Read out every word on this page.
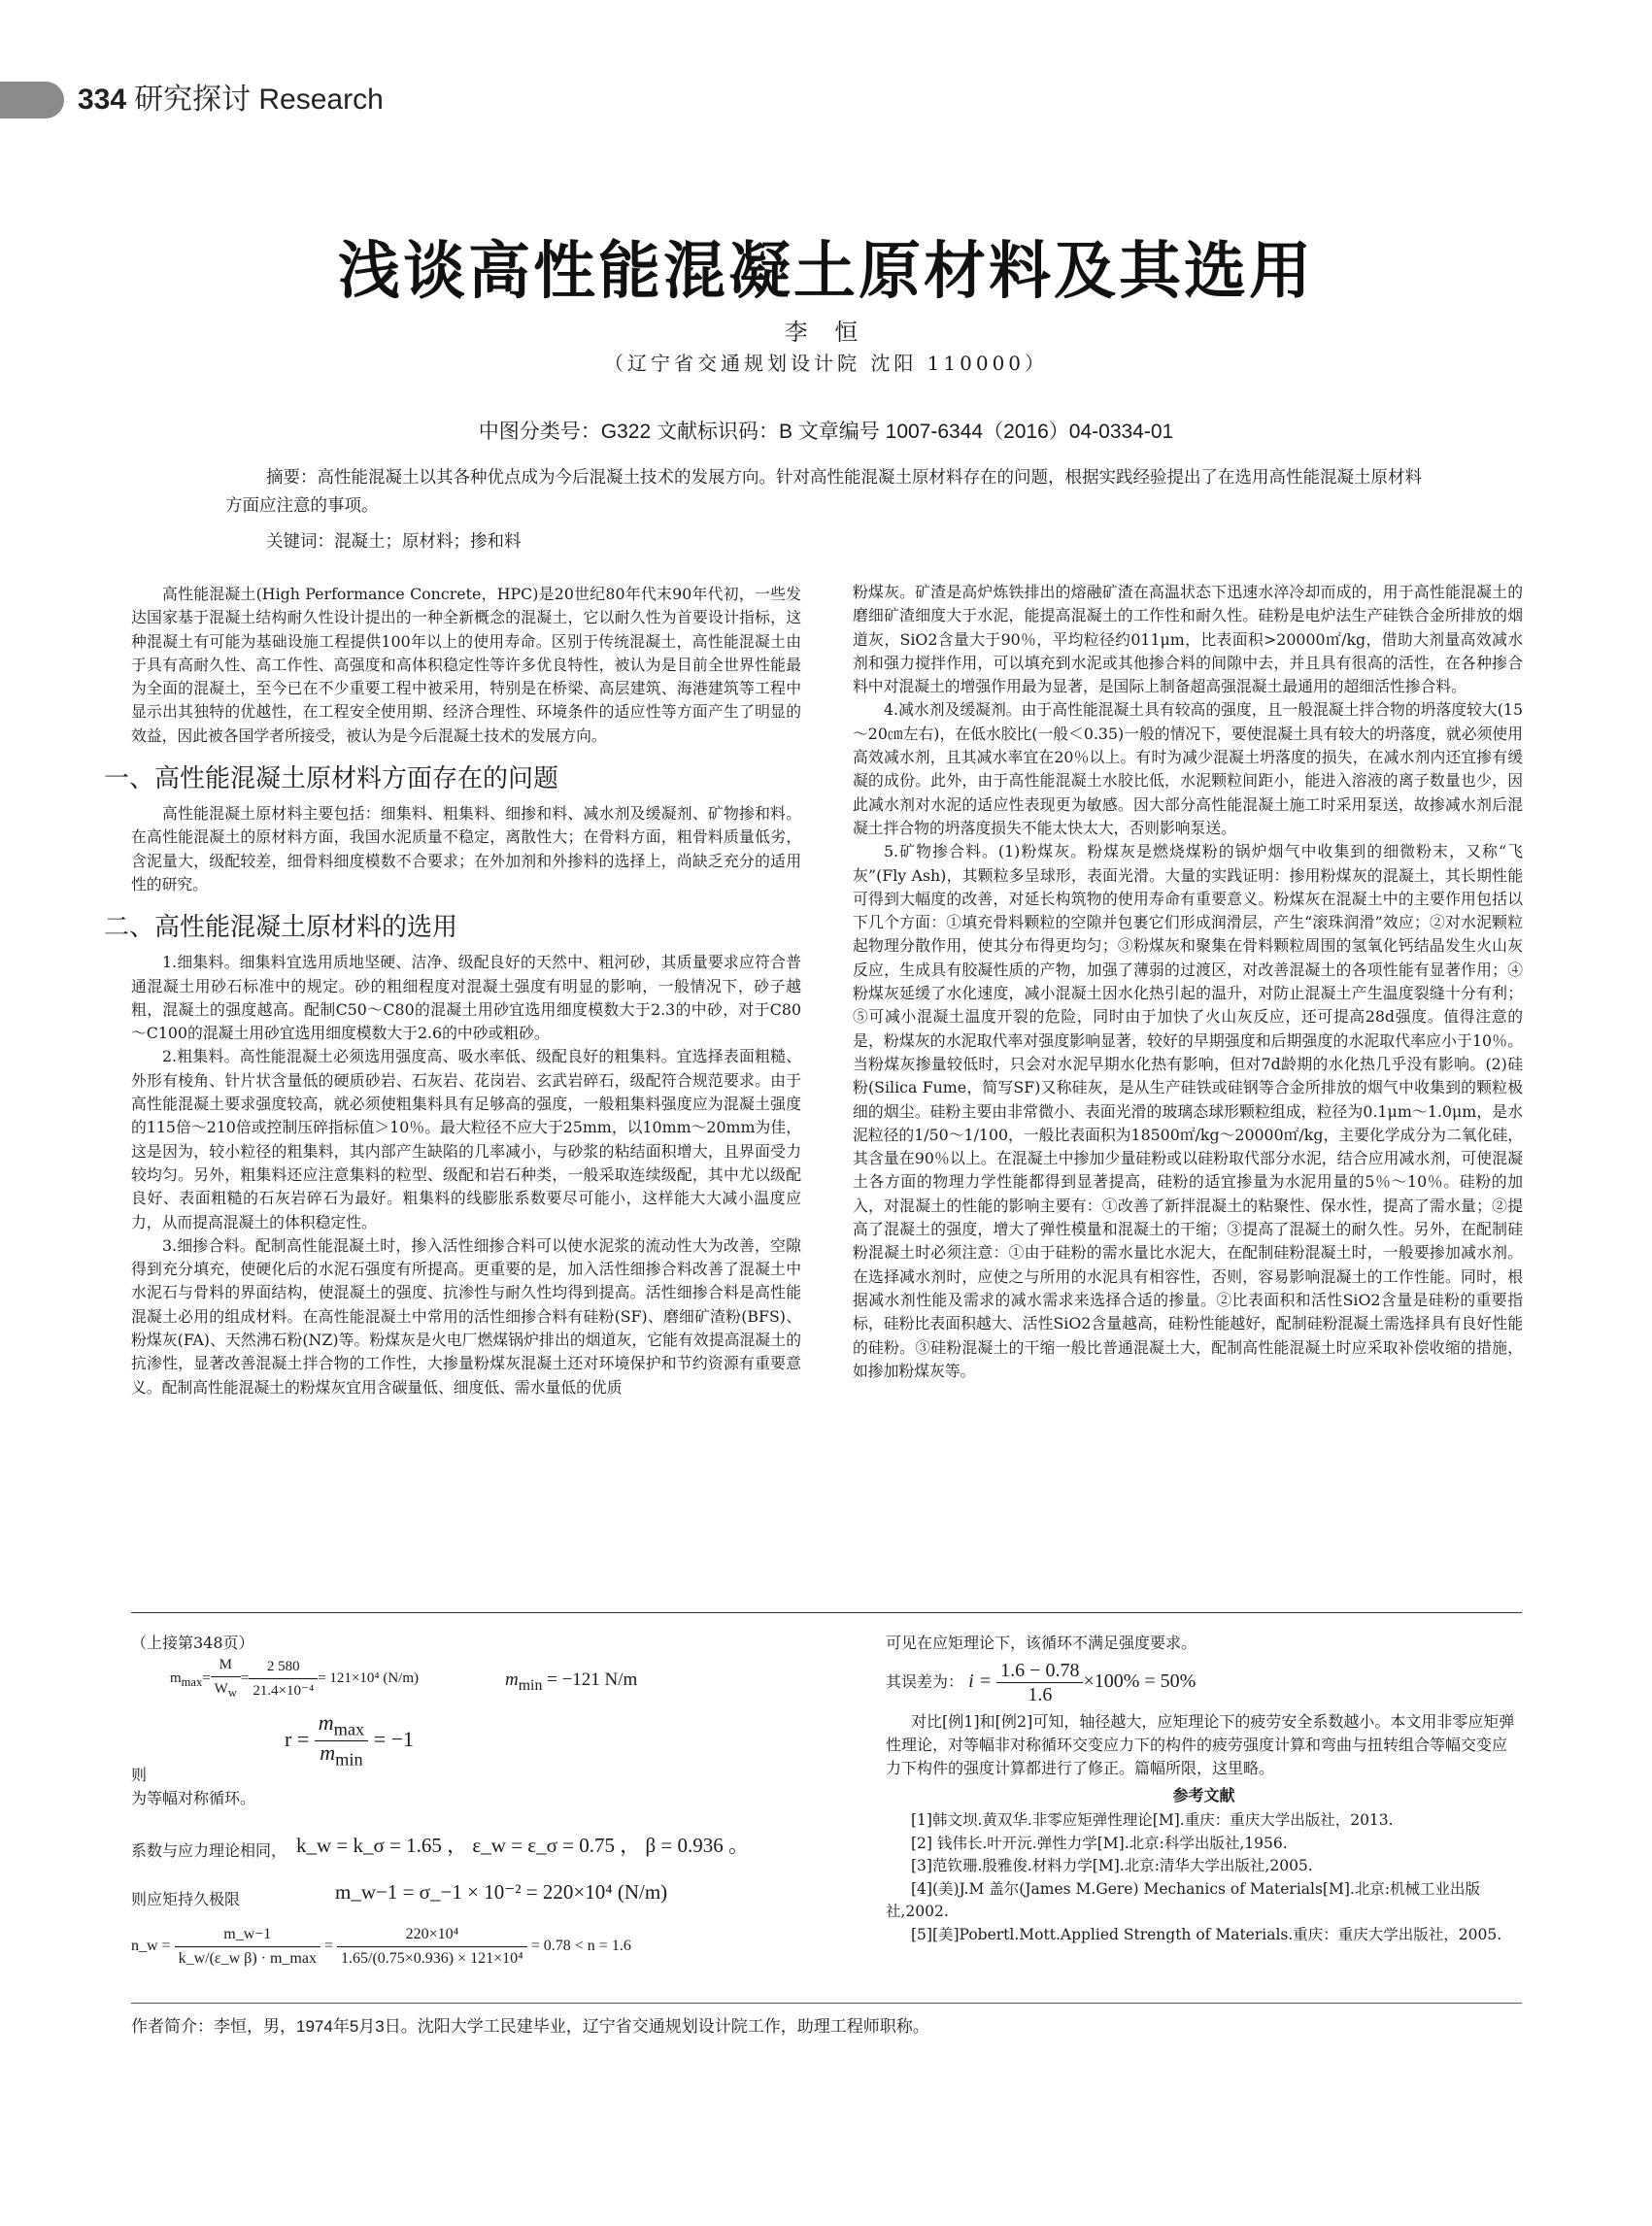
334 研究探讨 Research
浅谈高性能混凝土原材料及其选用
李 恒
（辽宁省交通规划设计院 沈阳 110000）
中图分类号：G322 文献标识码：B 文章编号 1007-6344（2016）04-0334-01
摘要：高性能混凝土以其各种优点成为今后混凝土技术的发展方向。针对高性能混凝土原材料存在的问题，根据实践经验提出了在选用高性能混凝土原材料方面应注意的事项。
关键词：混凝土；原材料；掺和料

高性能混凝土(High Performance Concrete，HPC)是20世纪80年代末90年代初，一些发达国家基于混凝土结构耐久性设计提出的一种全新概念的混凝土，它以耐久性为首要设计指标，这种混凝土有可能为基础设施工程提供100年以上的使用寿命。区别于传统混凝土，高性能混凝土由于具有高耐久性、高工作性、高强度和高体积稳定性等许多优良特性，被认为是目前全世界性能最为全面的混凝土，至今已在不少重要工程中被采用，特别是在桥梁、高层建筑、海港建筑等工程中显示出其独特的优越性，在工程安全使用期、经济合理性、环境条件的适应性等方面产生了明显的效益，因此被各国学者所接受，被认为是今后混凝土技术的发展方向。

一、高性能混凝土原材料方面存在的问题

高性能混凝土原材料主要包括：细集料、粗集料、细掺和料、减水剂及缓凝剂、矿物掺和料。在高性能混凝土的原材料方面，我国水泥质量不稳定，离散性大；在骨料方面，粗骨料质量低劣，含泥量大，级配较差，细骨料细度模数不合要求；在外加剂和外掺料的选择上，尚缺乏充分的适用性的研究。

二、高性能混凝土原材料的选用

1.细集料。细集料宜选用质地坚硬、洁净、级配良好的天然中、粗河砂，其质量要求应符合普通混凝土用砂石标准中的规定。砂的粗细程度对混凝土强度有明显的影响，一般情况下，砂子越粗，混凝土的强度越高。配制C50～C80的混凝土用砂宜选用细度模数大于2.3的中砂，对于C80～C100的混凝土用砂宜选用细度模数大于2.6的中砂或粗砂。

2.粗集料。高性能混凝土必须选用强度高、吸水率低、级配良好的粗集料。宜选择表面粗糙、外形有棱角、针片状含量低的硬质砂岩、石灰岩、花岗岩、玄武岩碎石，级配符合规范要求。由于高性能混凝土要求强度较高，就必须使粗集料具有足够高的强度，一般粗集料强度应为混凝土强度的115倍～210倍或控制压碎指标值＞10％。最大粒径不应大于25mm，以10mm～20mm为佳，这是因为，较小粒径的粗集料，其内部产生缺陷的几率减小，与砂浆的粘结面积增大，且界面受力较均匀。另外，粗集料还应注意集料的粒型、级配和岩石种类，一般采取连续级配，其中尤以级配良好、表面粗糙的石灰岩碎石为最好。粗集料的线膨胀系数要尽可能小，这样能大大减小温度应力，从而提高混凝土的体积稳定性。

3.细掺合料。配制高性能混凝土时，掺入活性细掺合料可以使水泥浆的流动性大为改善，空隙得到充分填充，使硬化后的水泥石强度有所提高。更重要的是，加入活性细掺合料改善了混凝土中水泥石与骨料的界面结构，使混凝土的强度、抗渗性与耐久性均得到提高。活性细掺合料是高性能混凝土必用的组成材料。在高性能混凝土中常用的活性细掺合料有硅粉(SF)、磨细矿渣粉(BFS)、粉煤灰(FA)、天然沸石粉(NZ)等。粉煤灰是火电厂燃煤锅炉排出的烟道灰，它能有效提高混凝土的抗渗性，显著改善混凝土拌合物的工作性，大掺量粉煤灰混凝土还对环境保护和节约资源有重要意义。配制高性能混凝土的粉煤灰宜用含碳量低、细度低、需水量低的优质

粉煤灰。矿渣是高炉炼铁排出的熔融矿渣在高温状态下迅速水淬冷却而成的，用于高性能混凝土的磨细矿渣细度大于水泥，能提高混凝土的工作性和耐久性。硅粉是电炉法生产硅铁合金所排放的烟道灰，SiO2含量大于90％，平均粒径约011μm，比表面积>20000㎡/kg，借助大剂量高效减水剂和强力搅拌作用，可以填充到水泥或其他掺合料的间隙中去，并且具有很高的活性，在各种掺合料中对混凝土的增强作用最为显著，是国际上制备超高强混凝土最通用的超细活性掺合料。

4.减水剂及缓凝剂。由于高性能混凝土具有较高的强度，且一般混凝土拌合物的坍落度较大(15～20㎝左右)，在低水胶比(一般＜0.35)一般的情况下，要使混凝土具有较大的坍落度，就必须使用高效减水剂，且其减水率宜在20％以上。有时为减少混凝土坍落度的损失，在减水剂内还宜掺有缓凝的成份。此外，由于高性能混凝土水胶比低，水泥颗粒间距小，能进入溶液的离子数量也少，因此减水剂对水泥的适应性表现更为敏感。因大部分高性能混凝土施工时采用泵送，故掺减水剂后混凝土拌合物的坍落度损失不能太快太大，否则影响泵送。

5.矿物掺合料。(1)粉煤灰。粉煤灰是燃烧煤粉的锅炉烟气中收集到的细微粉末，又称“飞灰”(Fly Ash)，其颗粒多呈球形，表面光滑。大量的实践证明：掺用粉煤灰的混凝土，其长期性能可得到大幅度的改善，对延长构筑物的使用寿命有重要意义。粉煤灰在混凝土中的主要作用包括以下几个方面：①填充骨料颗粒的空隙并包裹它们形成润滑层，产生“滚珠润滑”效应；②对水泥颗粒起物理分散作用，使其分布得更均匀；③粉煤灰和聚集在骨料颗粒周围的氢氧化钙结晶发生火山灰反应，生成具有胶凝性质的产物，加强了薄弱的过渡区，对改善混凝土的各项性能有显著作用；④粉煤灰延缓了水化速度，减小混凝土因水化热引起的温升，对防止混凝土产生温度裂缝十分有利；⑤可减小混凝土温度开裂的危险，同时由于加快了火山灰反应，还可提高28d强度。值得注意的是，粉煤灰的水泥取代率对强度影响显著，较好的早期强度和后期强度的水泥取代率应小于10％。当粉煤灰掺量较低时，只会对水泥早期水化热有影响，但对7d龄期的水化热几乎没有影响。(2)硅粉(Silica Fume，简写SF)又称硅灰，是从生产硅铁或硅钢等合金所排放的烟气中收集到的颗粒极细的烟尘。硅粉主要由非常微小、表面光滑的玻璃态球形颗粒组成，粒径为0.1μm～1.0μm，是水泥粒径的1/50～1/100，一般比表面积为18500㎡/kg～20000㎡/kg，主要化学成分为二氧化硅，其含量在90％以上。在混凝土中掺加少量硅粉或以硅粉取代部分水泥，结合应用减水剂，可使混凝土各方面的物理力学性能都得到显著提高，硅粉的适宜掺量为水泥用量的5％～10％。硅粉的加入，对混凝土的性能的影响主要有：①改善了新拌混凝土的粘聚性、保水性，提高了需水量；②提高了混凝土的强度，增大了弹性模量和混凝土的干缩；③提高了混凝土的耐久性。另外，在配制硅粉混凝土时必须注意：①由于硅粉的需水量比水泥大，在配制硅粉混凝土时，一般要掺加减水剂。在选择减水剂时，应使之与所用的水泥具有相容性，否则，容易影响混凝土的工作性能。同时，根据减水剂性能及需求的减水需求来选择合适的掺量。②比表面积和活性SiO2含量是硅粉的重要指标，硅粉比表面积越大、活性SiO2含量越高，硅粉性能越好，配制硅粉混凝土需选择具有良好性能的硅粉。③硅粉混凝土的干缩一般比普通混凝土大，配制高性能混凝土时应采取补偿收缩的措施，如掺加粉煤灰等。

（上接第348页）
$m_{max}= \frac{M}{W_w} = \frac{2 580}{\text{21.4×10⁻⁴}} = 121\times 10^4$ (N/m)	$m_{min} = -121$ N/m
$r = \frac{m_{max}}{m_{min}} = -1$
则
为等幅对称循环。
系数与应力理论相同， k_w = k_σ = 1.65 ， ε_w = ε_σ = 0.75 ， β = 0.936 。
则应矩持久极限	m_w−1 = σ_−1 × 10⁻² = 220×10⁴ (N/m)
n_w = $\frac{m\_w-1}{\text{k\_w/(ε\_w β) · m\_max}} = \frac{\text{220×10⁴}}{\text{1.65/(0.75×0.936) × 121×10⁴}} = 0.78 < n = 1.6$

可见在应矩理论下，该循环不满足强度要求。

其误差为： $i = \frac{1.6 - 0.78}{1.6} \times 100\% = 50\%$

对比[例1]和[例2]可知，轴径越大，应矩理论下的疲劳安全系数越小。本文用非零应矩弹性理论，对等幅非对称循环交变应力下的构件的疲劳强度计算和弯曲与扭转组合等幅交变应力下构件的强度计算都进行了修正。篇幅所限，这里略。

参考文献

[1]韩文坝.黄双华.非零应矩弹性理论[M].重庆：重庆大学出版社，2013.

[2] 钱伟长.叶开沅.弹性力学[M].北京:科学出版社,1956.

[3]范钦珊.殷雅俊.材料力学[M].北京:清华大学出版社,2005.

[4](美)J.M 盖尔(James M.Gere) Mechanics of Materials[M].北京:机械工业出版社,2002.

[5][美]Pobertl.Mott.Applied Strength of Materials.重庆：重庆大学出版社，2005.

作者简介：李恒，男，1974年5月3日。沈阳大学工民建毕业，辽宁省交通规划设计院工作，助理工程师职称。
